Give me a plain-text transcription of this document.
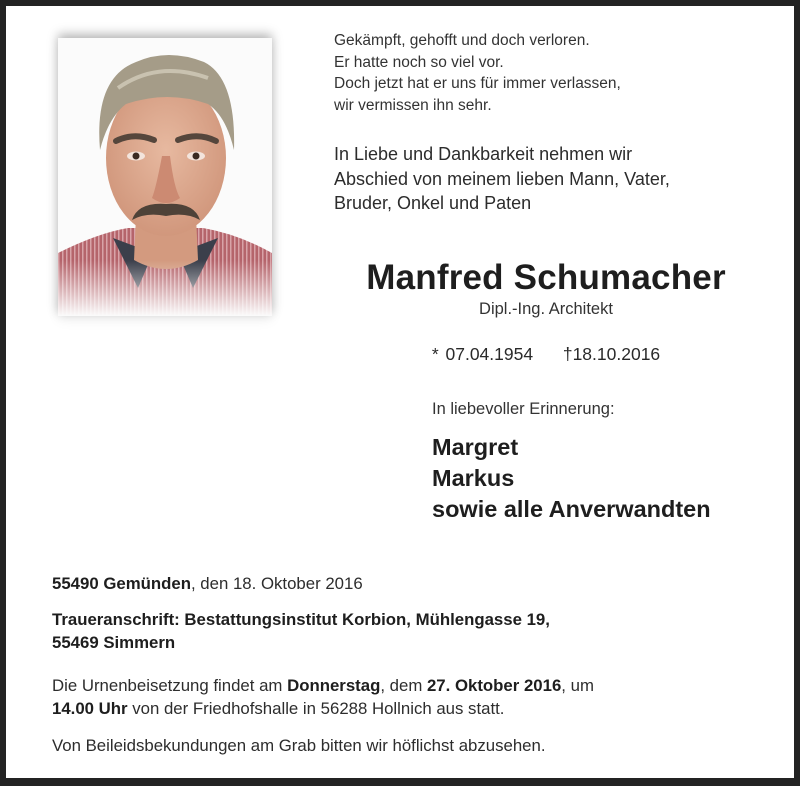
Gekämpft, gehofft und doch verloren.
Er hatte noch so viel vor.
Doch jetzt hat er uns für immer verlassen,
wir vermissen ihn sehr.
In Liebe und Dankbarkeit nehmen wir
Abschied von meinem lieben Mann, Vater,
Bruder, Onkel und Paten
Manfred Schumacher
Dipl.-Ing. Architekt
* 07.04.1954 †18.10.2016
In liebevoller Erinnerung:
Margret
Markus
sowie alle Anverwandten
55490 Gemünden, den 18. Oktober 2016
Traueranschrift: Bestattungsinstitut Korbion, Mühlengasse 19,
55469 Simmern
Die Urnenbeisetzung findet am Donnerstag, dem 27. Oktober 2016, um
14.00 Uhr von der Friedhofshalle in 56288 Hollnich aus statt.
Von Beileidsbekundungen am Grab bitten wir höflichst abzusehen.
